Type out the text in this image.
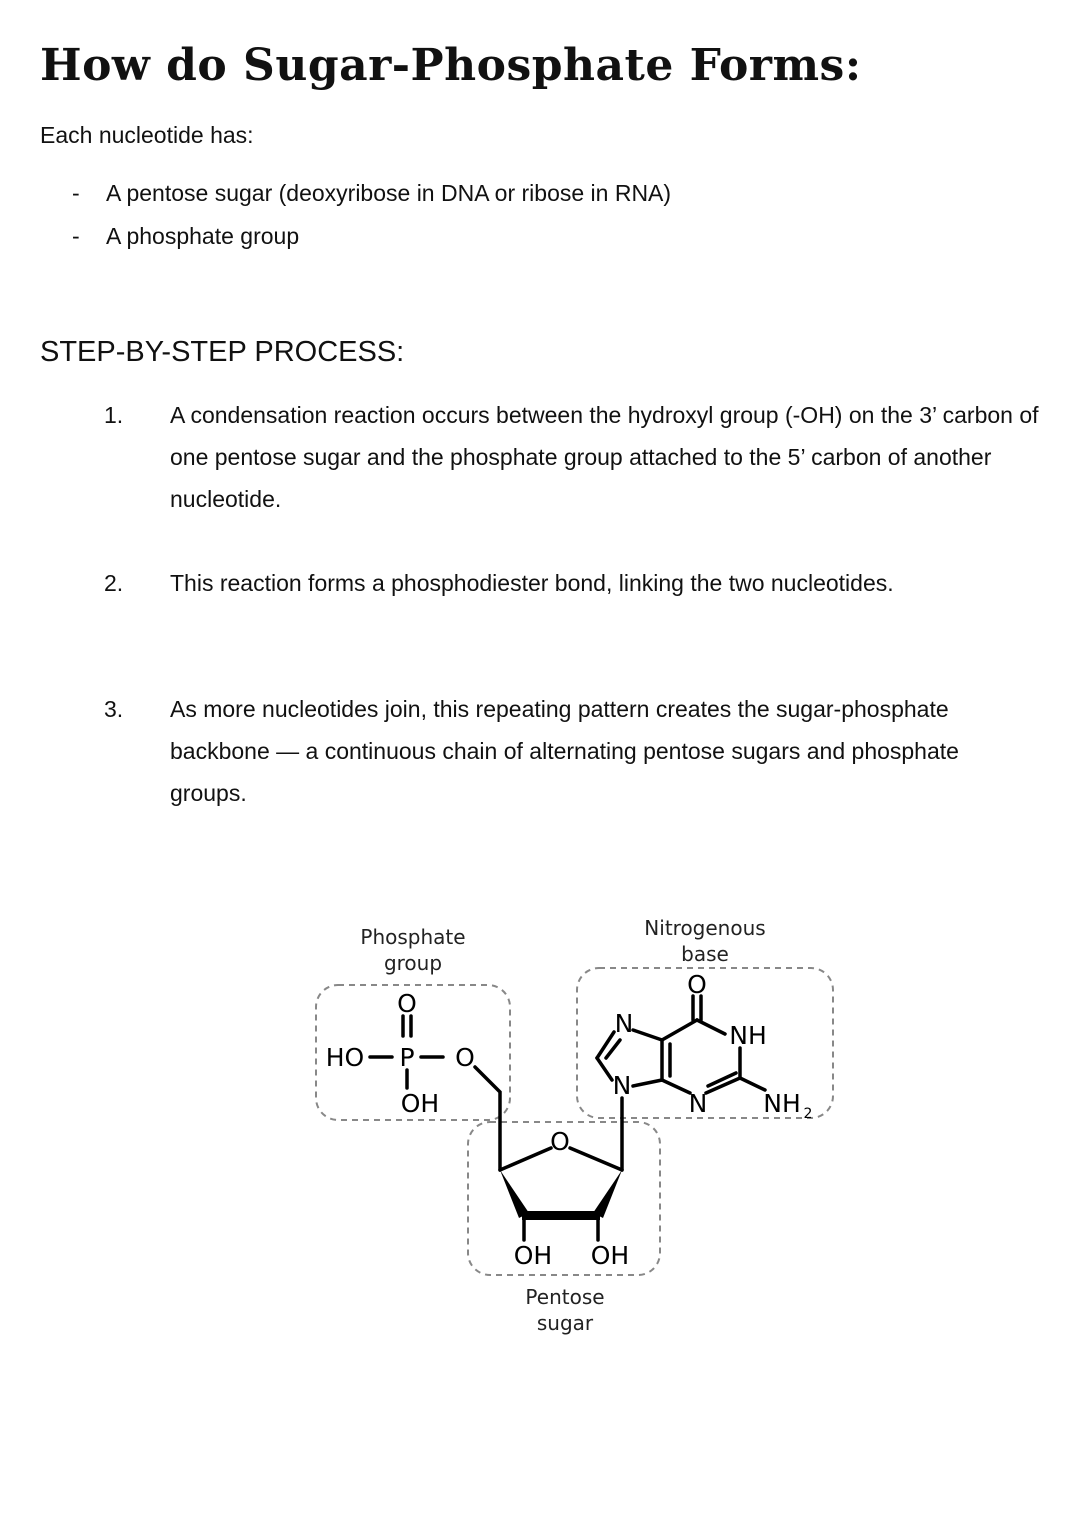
How do Sugar-Phosphate Forms:

Each nucleotide has:

-	A pentose sugar (deoxyribose in DNA or ribose in RNA)
-	A phosphate group
STEP-BY-STEP PROCESS:
1.	A condensation reaction occurs between the hydroxyl group (-OH) on the 3’ carbon of one pentose sugar and the phosphate group attached to the 5’ carbon of another nucleotide.
2.	This reaction forms a phosphodiester bond, linking the two nucleotides.
3.	As more nucleotides join, this repeating pattern creates the sugar-phosphate backbone — a continuous chain of alternating pentose sugars and phosphate groups.
Phosphate
group
Nitrogenous
base
Pentose
sugar
O
HO P O
OH
O
OH OH
N
N
N
NH
O
NH 2
